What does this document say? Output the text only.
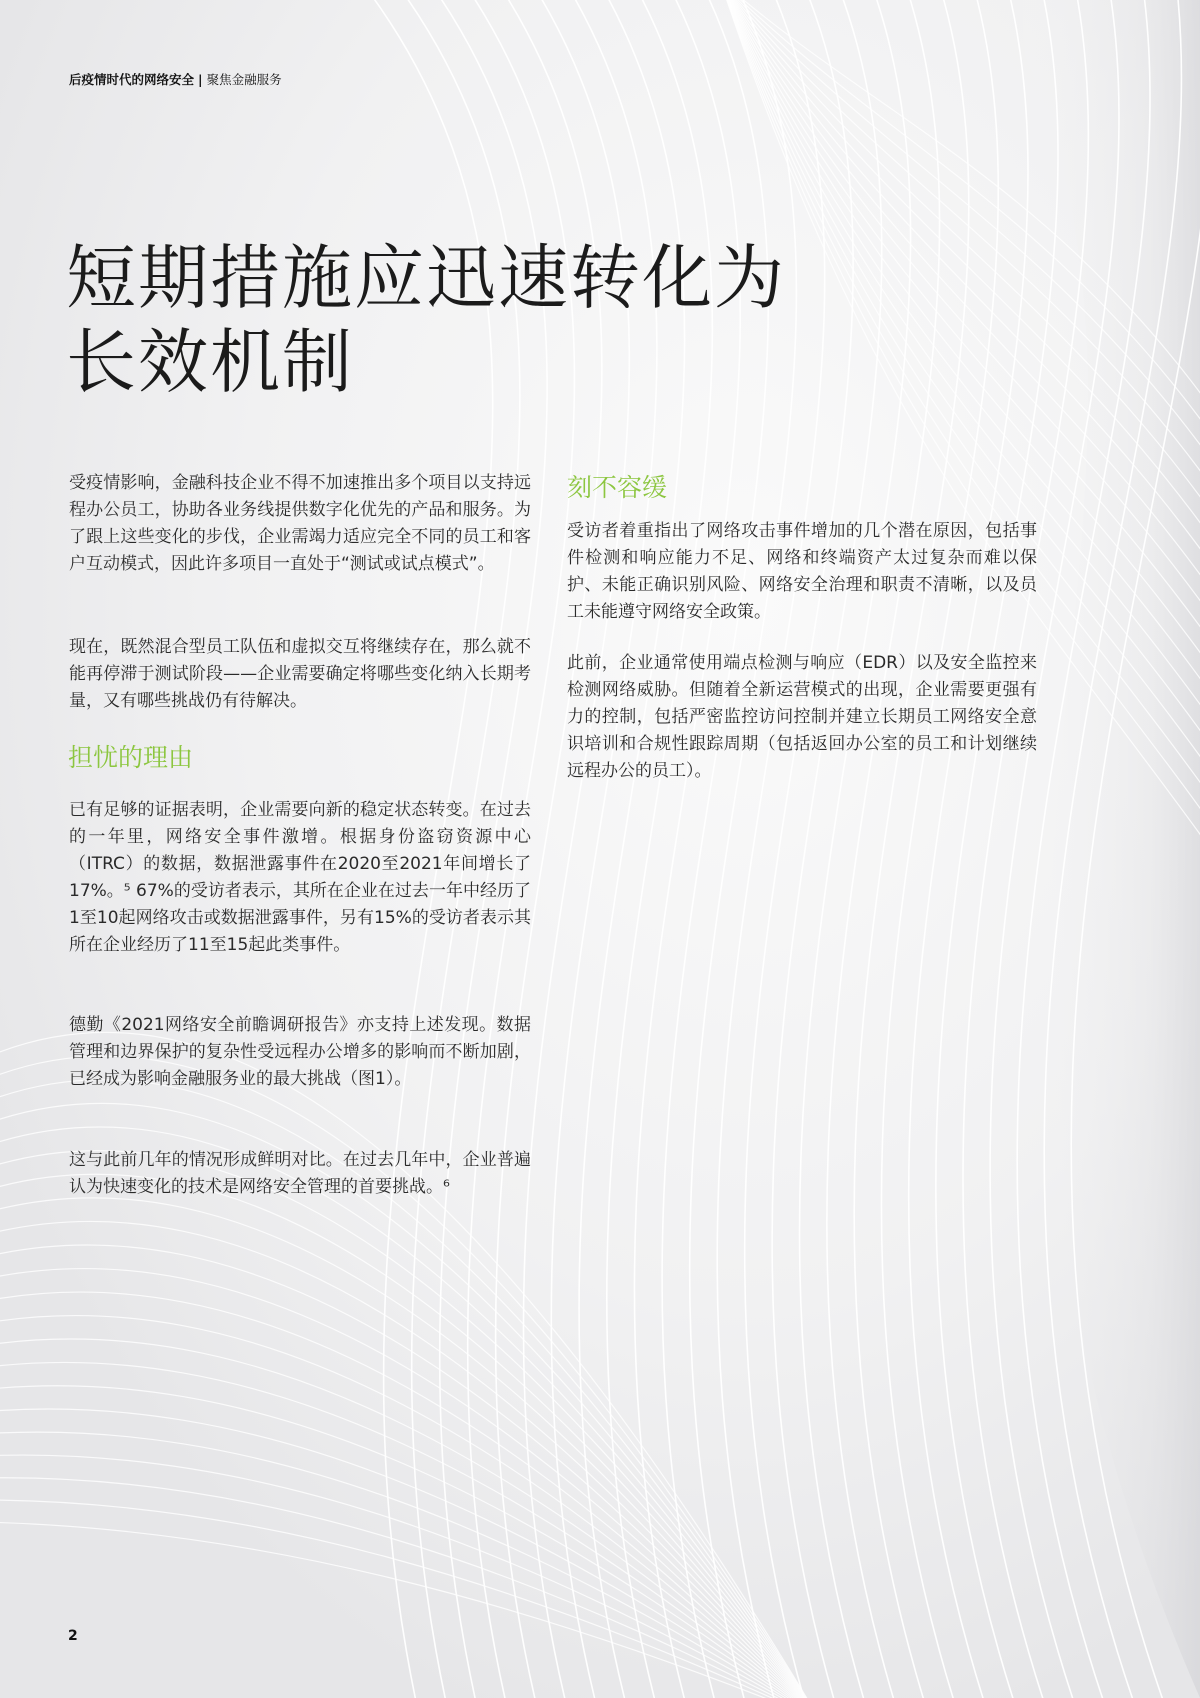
后疫情时代的网络安全 | 聚焦金融服务
短期措施应迅速转化为
长效机制

受疫情影响，金融科技企业不得不加速推出多个项目以支持远程办公员工，协助各业务线提供数字化优先的产品和服务。为了跟上这些变化的步伐，企业需竭力适应完全不同的员工和客户互动模式，因此许多项目一直处于“测试或试点模式”。

现在，既然混合型员工队伍和虚拟交互将继续存在，那么就不能再停滞于测试阶段——企业需要确定将哪些变化纳入长期考量，又有哪些挑战仍有待解决。

担忧的理由

已有足够的证据表明，企业需要向新的稳定状态转变。在过去的一年里，网络安全事件激增。根据身份盗窃资源中心（ITRC）的数据，数据泄露事件在2020至2021年间增长了17%。⁵ 67%的受访者表示，其所在企业在过去一年中经历了1至10起网络攻击或数据泄露事件，另有15%的受访者表示其所在企业经历了11至15起此类事件。

德勤《2021网络安全前瞻调研报告》亦支持上述发现。数据管理和边界保护的复杂性受远程办公增多的影响而不断加剧，已经成为影响金融服务业的最大挑战（图1）。

这与此前几年的情况形成鲜明对比。在过去几年中，企业普遍认为快速变化的技术是网络安全管理的首要挑战。⁶

刻不容缓

受访者着重指出了网络攻击事件增加的几个潜在原因，包括事件检测和响应能力不足、网络和终端资产太过复杂而难以保护、未能正确识别风险、网络安全治理和职责不清晰，以及员工未能遵守网络安全政策。

此前，企业通常使用端点检测与响应（EDR）以及安全监控来检测网络威胁。但随着全新运营模式的出现，企业需要更强有力的控制，包括严密监控访问控制并建立长期员工网络安全意识培训和合规性跟踪周期（包括返回办公室的员工和计划继续远程办公的员工）。

2
